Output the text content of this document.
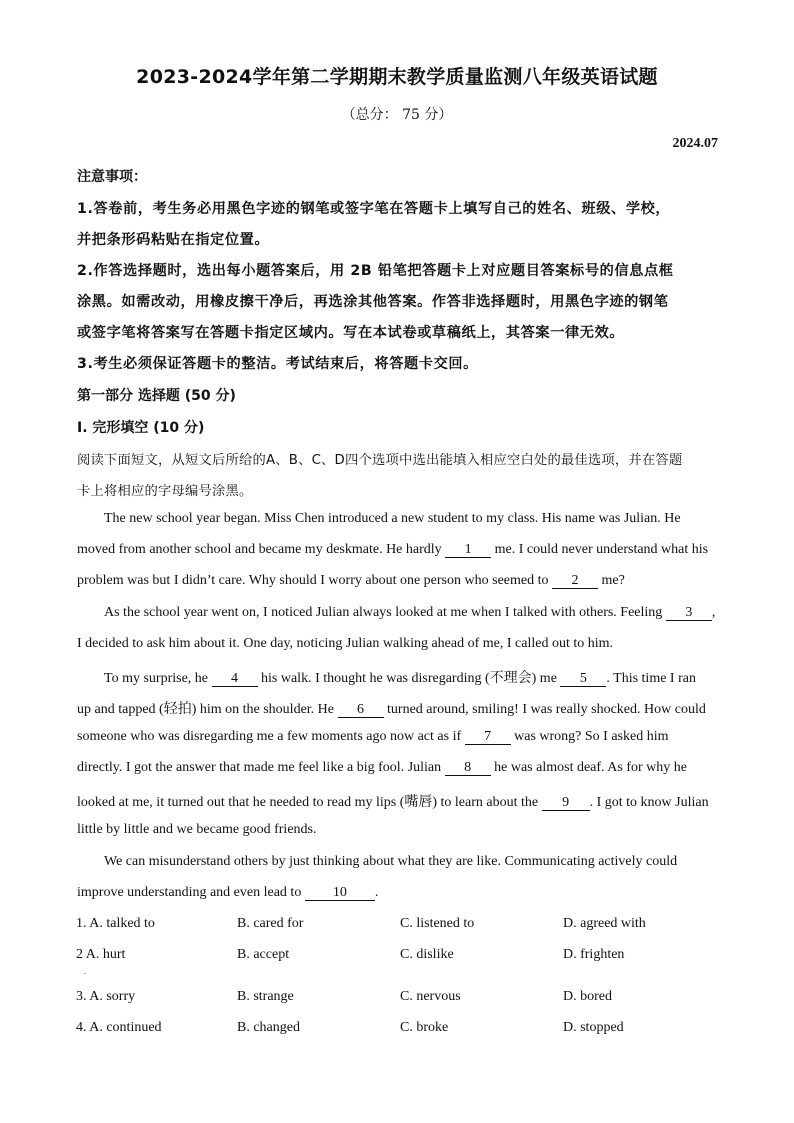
2023-2024学年第二学期期末教学质量监测八年级英语试题
（总分： 75 分）
2024.07
注意事项：
1.答卷前，考生务必用黑色字迹的钢笔或签字笔在答题卡上填写自己的姓名、班级、学校，
并把条形码粘贴在指定位置。
2.作答选择题时，选出每小题答案后，用 2B 铅笔把答题卡上对应题目答案标号的信息点框
涂黑。如需改动，用橡皮擦干净后，再选涂其他答案。作答非选择题时，用黑色字迹的钢笔
或签字笔将答案写在答题卡指定区域内。写在本试卷或草稿纸上，其答案一律无效。
3.考生必须保证答题卡的整洁。考试结束后，将答题卡交回。
第一部分 选择题 (50 分)
Ⅰ. 完形填空 (10 分)
阅读下面短文，从短文后所给的A、B、C、D四个选项中选出能填入相应空白处的最佳选项，并在答题
卡上将相应的字母编号涂黑。
The new school year began. Miss Chen introduced a new student to my class. His name was Julian. He
moved from another school and became my deskmate. He hardly 1 me. I could never understand what his
problem was but I didn’t care. Why should I worry about one person who seemed to 2 me?
As the school year went on, I noticed Julian always looked at me when I talked with others. Feeling 3 ,
I decided to ask him about it. One day, noticing Julian walking ahead of me, I called out to him.
To my surprise, he 4 his walk. I thought he was disregarding (不理会) me 5 . This time I ran
up and tapped (轻拍) him on the shoulder. He 6 turned around, smiling! I was really shocked. How could
someone who was disregarding me a few moments ago now act as if 7 was wrong? So I asked him
directly. I got the answer that made me feel like a big fool. Julian 8 he was almost deaf. As for why he
looked at me, it turned out that he needed to read my lips (嘴唇) to learn about the 9 . I got to know Julian
little by little and we became good friends.
We can misunderstand others by just thinking about what they are like. Communicating actively could
improve understanding and even lead to 10 .
1. A. talked to	B. cared for	C. listened to	D. agreed with
2 A. hurt	B. accept	C. dislike	D. frighten
.
3. A. sorry	B. strange	C. nervous	D. bored
4. A. continued	B. changed	C. broke	D. stopped
